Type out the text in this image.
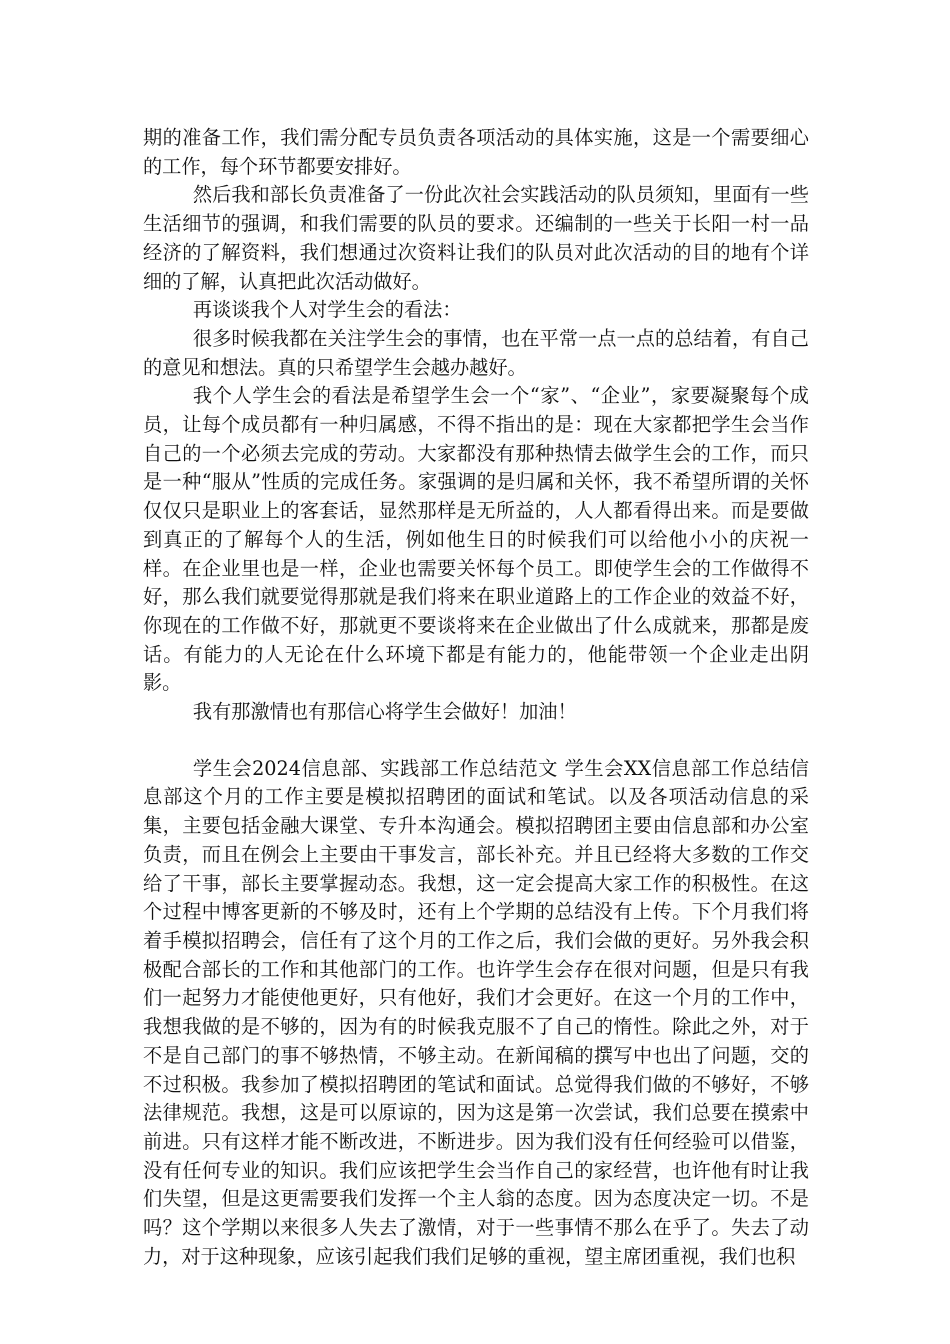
期的准备工作，我们需分配专员负责各项活动的具体实施，这是一个需要细心的工作，每个环节都要安排好。

然后我和部长负责准备了一份此次社会实践活动的队员须知，里面有一些生活细节的强调，和我们需要的队员的要求。还编制的一些关于长阳一村一品经济的了解资料，我们想通过次资料让我们的队员对此次活动的目的地有个详细的了解，认真把此次活动做好。

再谈谈我个人对学生会的看法：

很多时候我都在关注学生会的事情，也在平常一点一点的总结着，有自己的意见和想法。真的只希望学生会越办越好。

我个人学生会的看法是希望学生会一个“家”、“企业”，家要凝聚每个成员，让每个成员都有一种归属感，不得不指出的是：现在大家都把学生会当作自己的一个必须去完成的劳动。大家都没有那种热情去做学生会的工作，而只是一种“服从”性质的完成任务。家强调的是归属和关怀，我不希望所谓的关怀仅仅只是职业上的客套话，显然那样是无所益的，人人都看得出来。而是要做到真正的了解每个人的生活，例如他生日的时候我们可以给他小小的庆祝一样。在企业里也是一样，企业也需要关怀每个员工。即使学生会的工作做得不好，那么我们就要觉得那就是我们将来在职业道路上的工作企业的效益不好，你现在的工作做不好，那就更不要谈将来在企业做出了什么成就来，那都是废话。有能力的人无论在什么环境下都是有能力的，他能带领一个企业走出阴影。

我有那激情也有那信心将学生会做好！加油！

学生会2024信息部、实践部工作总结范文 学生会XX信息部工作总结信息部这个月的工作主要是模拟招聘团的面试和笔试。以及各项活动信息的采集，主要包括金融大课堂、专升本沟通会。模拟招聘团主要由信息部和办公室负责，而且在例会上主要由干事发言，部长补充。并且已经将大多数的工作交给了干事，部长主要掌握动态。我想，这一定会提高大家工作的积极性。在这个过程中博客更新的不够及时，还有上个学期的总结没有上传。下个月我们将着手模拟招聘会，信任有了这个月的工作之后，我们会做的更好。另外我会积极配合部长的工作和其他部门的工作。也许学生会存在很对问题，但是只有我们一起努力才能使他更好，只有他好，我们才会更好。在这一个月的工作中，我想我做的是不够的，因为有的时候我克服不了自己的惰性。除此之外，对于不是自己部门的事不够热情，不够主动。在新闻稿的撰写中也出了问题，交的不过积极。我参加了模拟招聘团的笔试和面试。总觉得我们做的不够好，不够法律规范。我想，这是可以原谅的，因为这是第一次尝试，我们总要在摸索中前进。只有这样才能不断改进，不断进步。因为我们没有任何经验可以借鉴，没有任何专业的知识。我们应该把学生会当作自己的家经营，也许他有时让我们失望，但是这更需要我们发挥一个主人翁的态度。因为态度决定一切。不是吗？这个学期以来很多人失去了激情，对于一些事情不那么在乎了。失去了动力，对于这种现象，应该引起我们我们足够的重视，望主席团重视，我们也积
